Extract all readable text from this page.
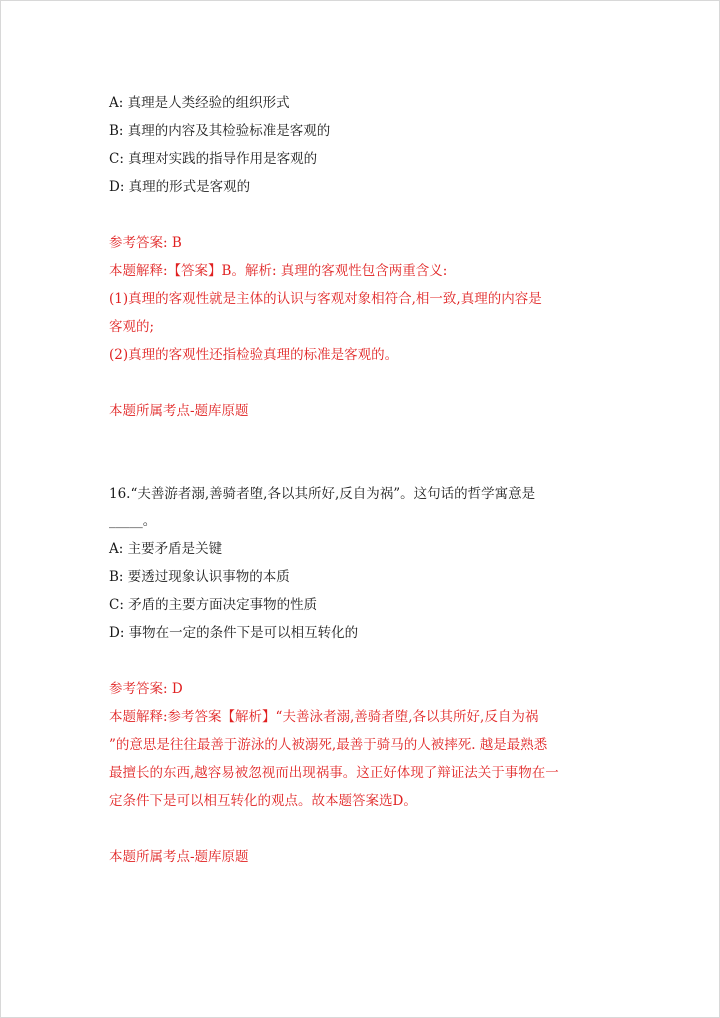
A: 真理是人类经验的组织形式

B: 真理的内容及其检验标准是客观的

C: 真理对实践的指导作用是客观的

D: 真理的形式是客观的

参考答案: B

本题解释:【答案】B。解析: 真理的客观性包含两重含义:

(1)真理的客观性就是主体的认识与客观对象相符合,相一致,真理的内容是

客观的;

(2)真理的客观性还指检验真理的标准是客观的。

本题所属考点-题库原题

16.“夫善游者溺,善骑者堕,各以其所好,反自为祸”。这句话的哲学寓意是

_____。

A: 主要矛盾是关键

B: 要透过现象认识事物的本质

C: 矛盾的主要方面决定事物的性质

D: 事物在一定的条件下是可以相互转化的

参考答案: D

本题解释:参考答案【解析】“夫善泳者溺,善骑者堕,各以其所好,反自为祸

”的意思是往往最善于游泳的人被溺死,最善于骑马的人被摔死. 越是最熟悉

最擅长的东西,越容易被忽视而出现祸事。这正好体现了辩证法关于事物在一

定条件下是可以相互转化的观点。故本题答案选D。

本题所属考点-题库原题
